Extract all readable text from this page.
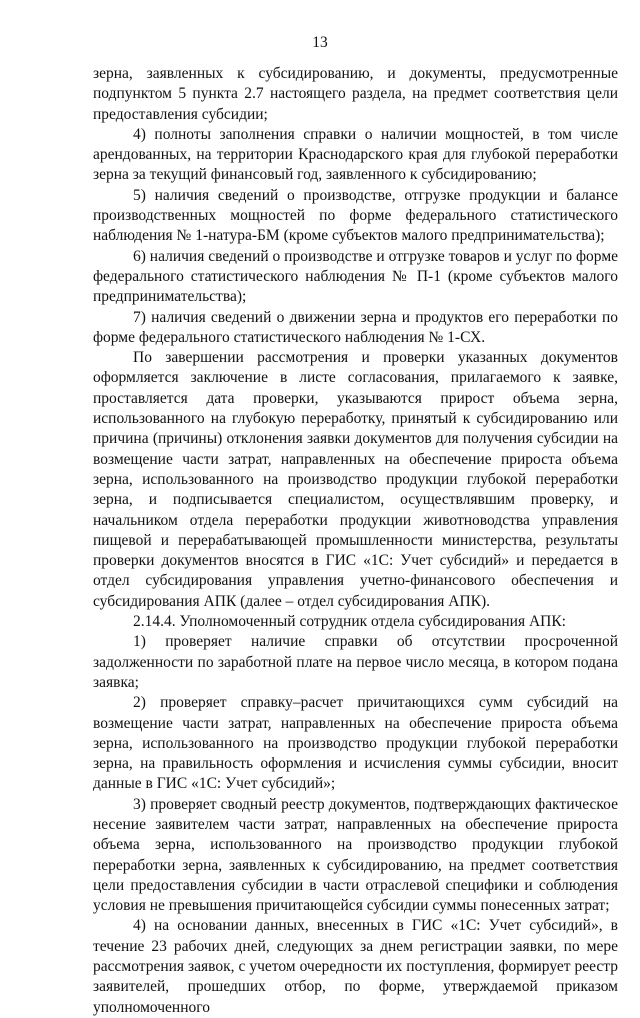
13

зерна, заявленных к субсидированию, и документы, предусмотренные подпунктом 5 пункта 2.7 настоящего раздела, на предмет соответствия цели предоставления субсидии;

4) полноты заполнения справки о наличии мощностей, в том числе арендованных, на территории Краснодарского края для глубокой переработки зерна за текущий финансовый год, заявленного к субсидированию;

5) наличия сведений о производстве, отгрузке продукции и балансе производственных мощностей по форме федерального статистического наблюдения № 1-натура-БМ (кроме субъектов малого предпринимательства);

6) наличия сведений о производстве и отгрузке товаров и услуг по форме федерального статистического наблюдения № П-1 (кроме субъектов малого предпринимательства);

7) наличия сведений о движении зерна и продуктов его переработки по форме федерального статистического наблюдения № 1-СХ.

По завершении рассмотрения и проверки указанных документов оформляется заключение в листе согласования, прилагаемого к заявке, проставляется дата проверки, указываются прирост объема зерна, использованного на глубокую переработку, принятый к субсидированию или причина (причины) отклонения заявки документов для получения субсидии на возмещение части затрат, направленных на обеспечение прироста объема зерна, использованного на производство продукции глубокой переработки зерна, и подписывается специалистом, осуществлявшим проверку, и начальником отдела переработки продукции животноводства управления пищевой и перерабатывающей промышленности министерства, результаты проверки документов вносятся в ГИС «1С: Учет субсидий» и передается в отдел субсидирования управления учетно-финансового обеспечения и субсидирования АПК (далее – отдел субсидирования АПК).

2.14.4. Уполномоченный сотрудник отдела субсидирования АПК:

1) проверяет наличие справки об отсутствии просроченной задолженности по заработной плате на первое число месяца, в котором подана заявка;

2) проверяет справку–расчет причитающихся сумм субсидий на возмещение части затрат, направленных на обеспечение прироста объема зерна, использованного на производство продукции глубокой переработки зерна, на правильность оформления и исчисления суммы субсидии, вносит данные в ГИС «1С: Учет субсидий»;

3) проверяет сводный реестр документов, подтверждающих фактическое несение заявителем части затрат, направленных на обеспечение прироста объема зерна, использованного на производство продукции глубокой переработки зерна, заявленных к субсидированию, на предмет соответствия цели предоставления субсидии в части отраслевой специфики и соблюдения условия не превышения причитающейся субсидии суммы понесенных затрат;

4) на основании данных, внесенных в ГИС «1С: Учет субсидий», в течение 23 рабочих дней, следующих за днем регистрации заявки, по мере рассмотрения заявок, с учетом очередности их поступления, формирует реестр заявителей, прошедших отбор, по форме, утверждаемой приказом уполномоченного
